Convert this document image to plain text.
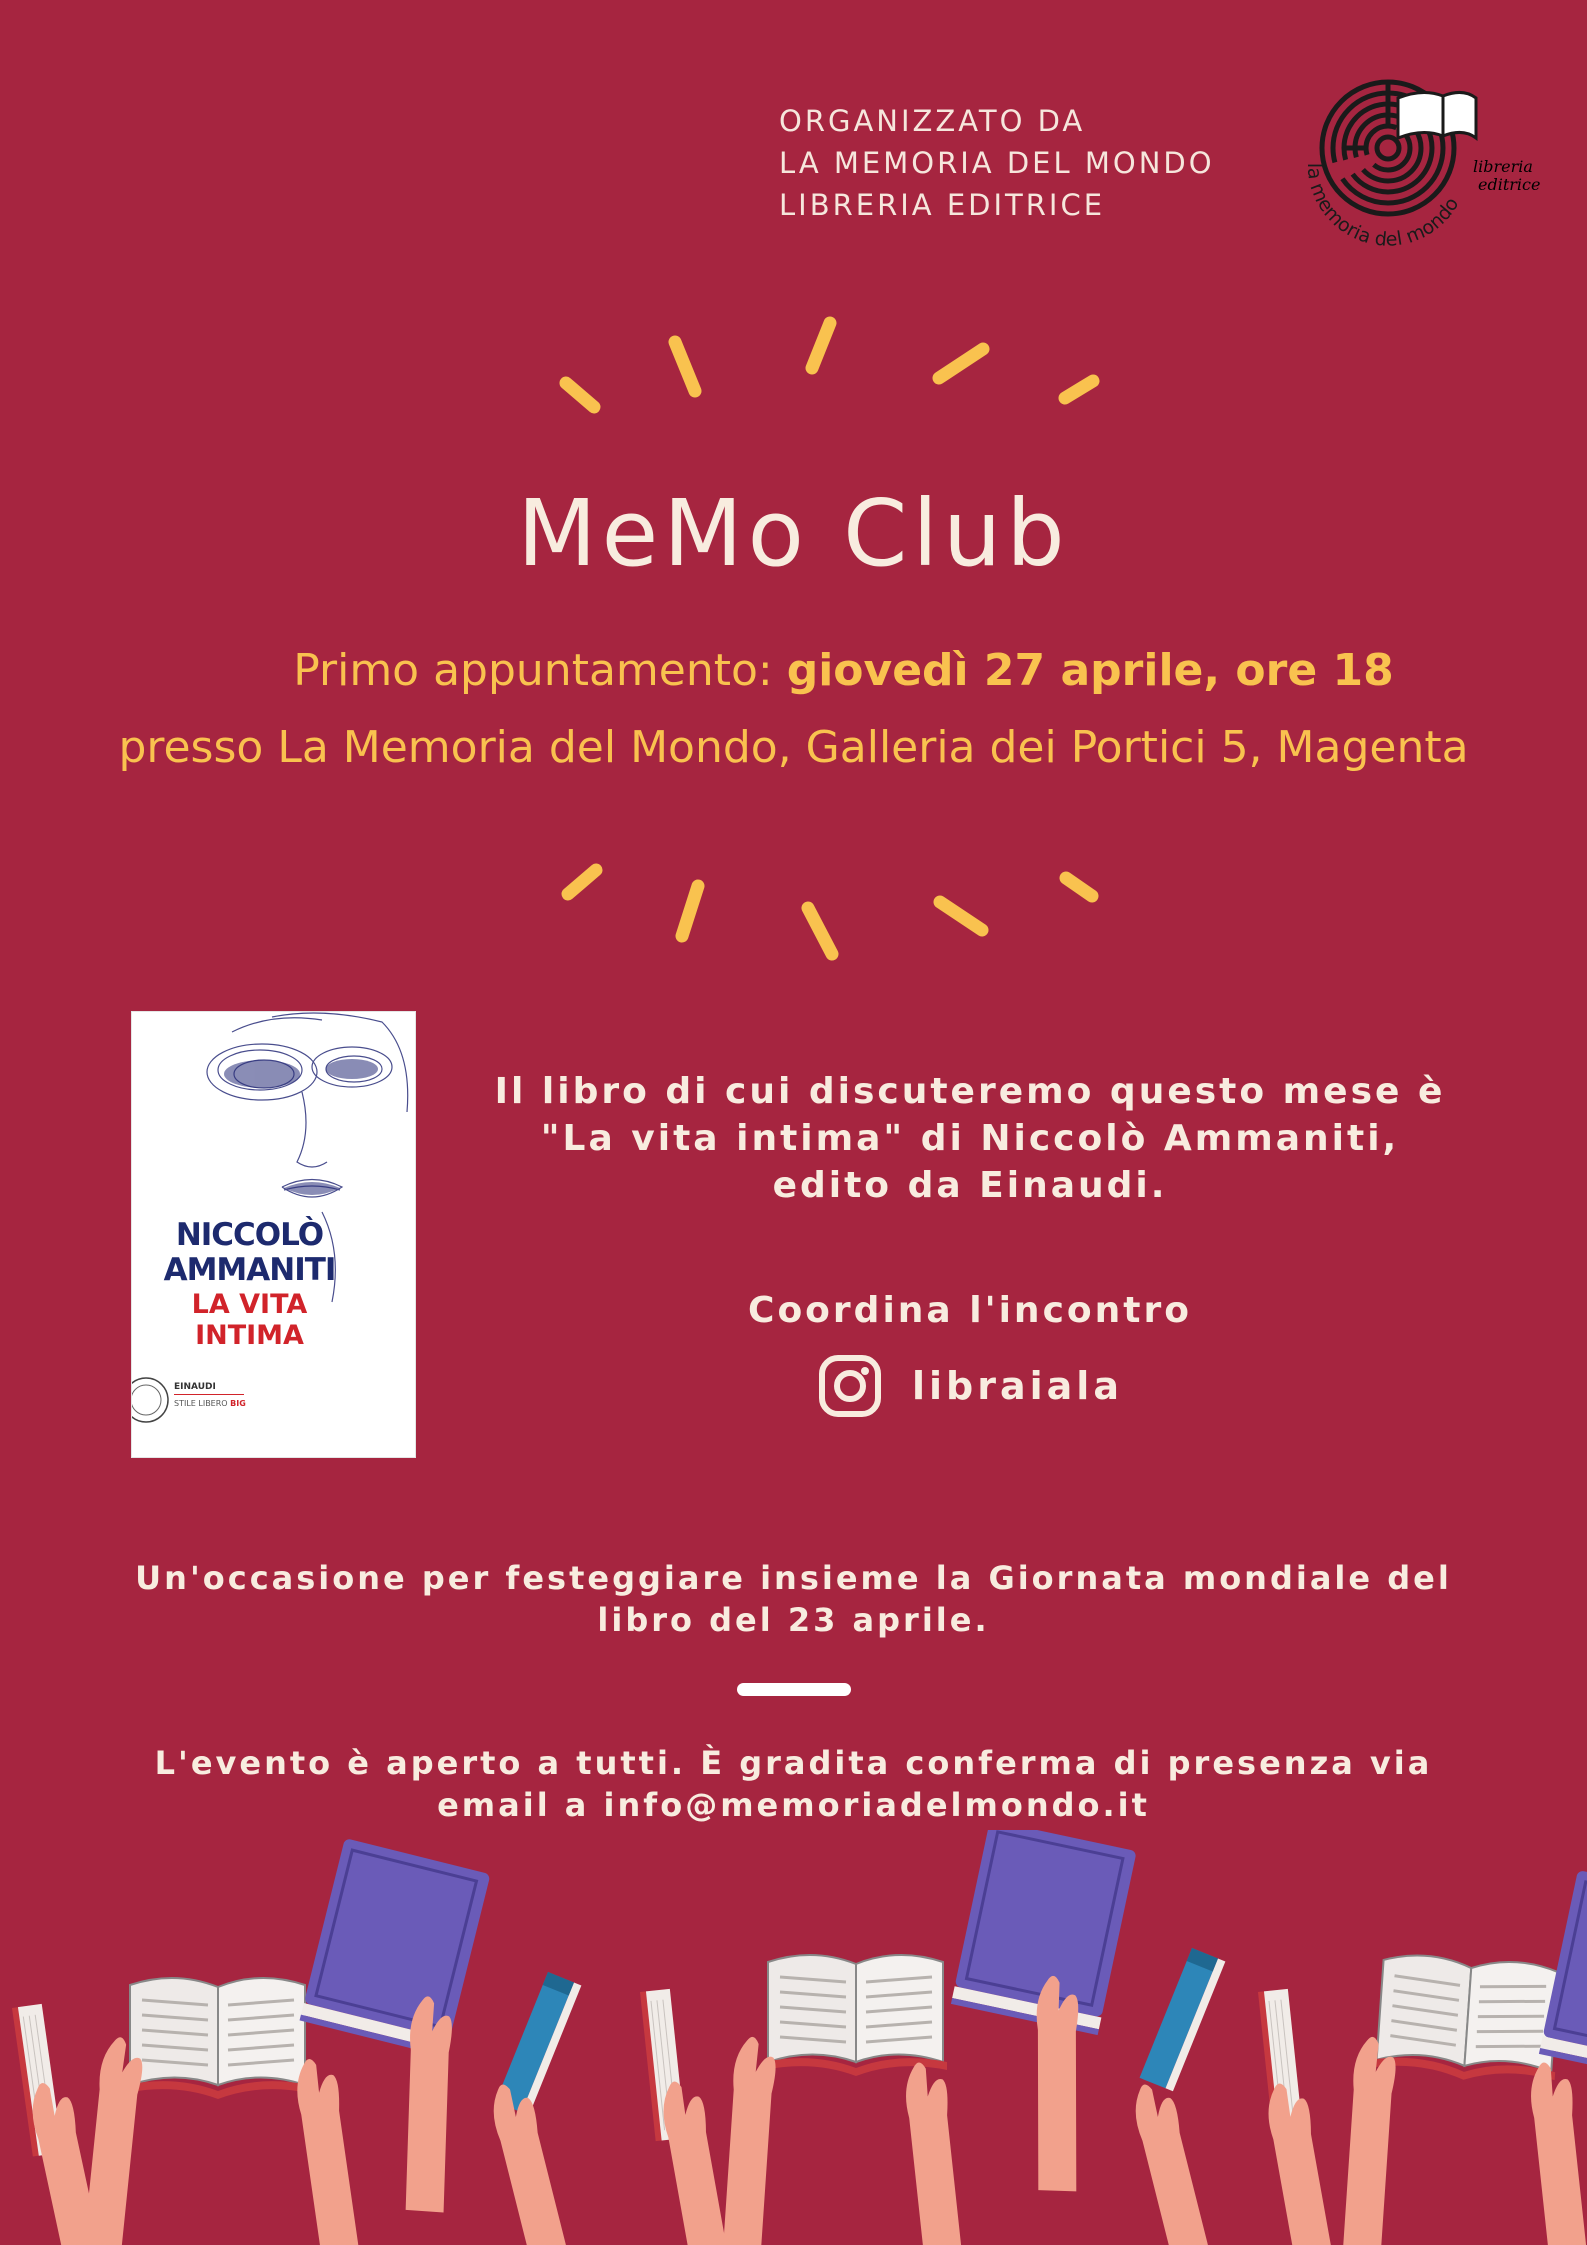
ORGANIZZATO DA
LA MEMORIA DEL MONDO
LIBRERIA EDITRICE
libreria
editrice
la memoria del mondo
MeMo Club
Primo appuntamento: giovedì 27 aprile, ore 18
presso La Memoria del Mondo, Galleria dei Portici 5, Magenta
NICCOLÒ
AMMANITI
LA VITA
INTIMA
EINAUDI
STILE LIBERO BIG
Il libro di cui discuteremo questo mese è
"La vita intima" di Niccolò Ammaniti,
edito da Einaudi.
Coordina l'incontro
libraiala
Un'occasione per festeggiare insieme la Giornata mondiale del
libro del 23 aprile.
L'evento è aperto a tutti. È gradita conferma di presenza via
email a info@memoriadelmondo.it
